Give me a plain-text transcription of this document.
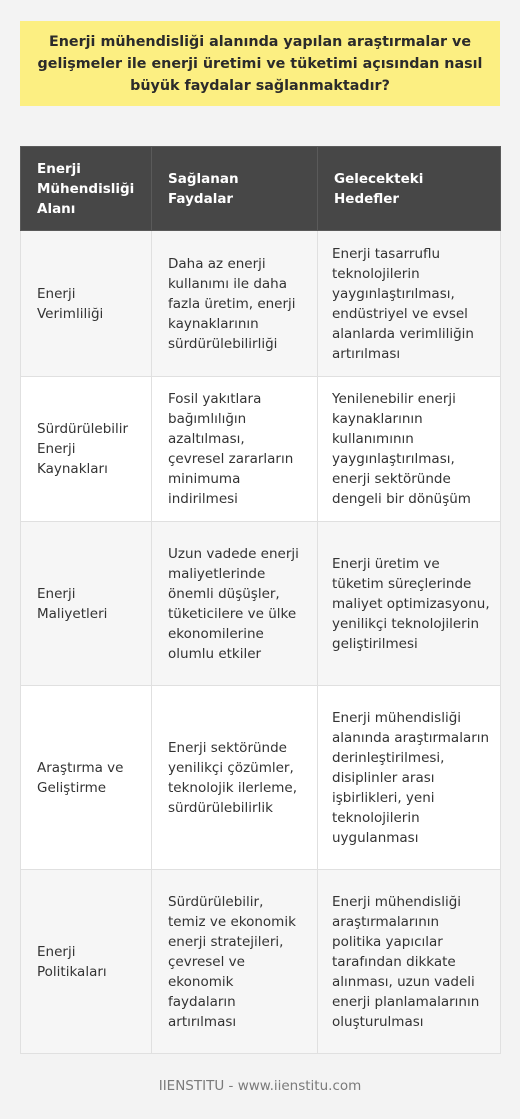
Enerji mühendisliği alanında yapılan araştırmalar ve gelişmeler ile enerji üretimi ve tüketimi açısından nasıl büyük faydalar sağlanmaktadır?
Enerji Mühendisliği Alanı	Sağlanan Faydalar	Gelecekteki Hedefler
Enerji Verimliliği	Daha az enerji kullanımı ile daha fazla üretim, enerji kaynaklarının sürdürülebilirliği	Enerji tasarruflu teknolojilerin yaygınlaştırılması, endüstriyel ve evsel alanlarda verimliliğin artırılması
Sürdürülebilir Enerji Kaynakları	Fosil yakıtlara bağımlılığın azaltılması, çevresel zararların minimuma indirilmesi	Yenilenebilir enerji kaynaklarının kullanımının yaygınlaştırılması, enerji sektöründe dengeli bir dönüşüm
Enerji Maliyetleri	Uzun vadede enerji maliyetlerinde önemli düşüşler, tüketicilere ve ülke ekonomilerine olumlu etkiler	Enerji üretim ve tüketim süreçlerinde maliyet optimizasyonu, yenilikçi teknolojilerin geliştirilmesi
Araştırma ve Geliştirme	Enerji sektöründe yenilikçi çözümler, teknolojik ilerleme, sürdürülebilirlik	Enerji mühendisliği alanında araştırmaların derinleştirilmesi, disiplinler arası işbirlikleri, yeni teknolojilerin uygulanması
Enerji Politikaları	Sürdürülebilir, temiz ve ekonomik enerji stratejileri, çevresel ve ekonomik faydaların artırılması	Enerji mühendisliği araştırmalarının politika yapıcılar tarafından dikkate alınması, uzun vadeli enerji planlamalarının oluşturulması
IIENSTITU - www.iienstitu.com
